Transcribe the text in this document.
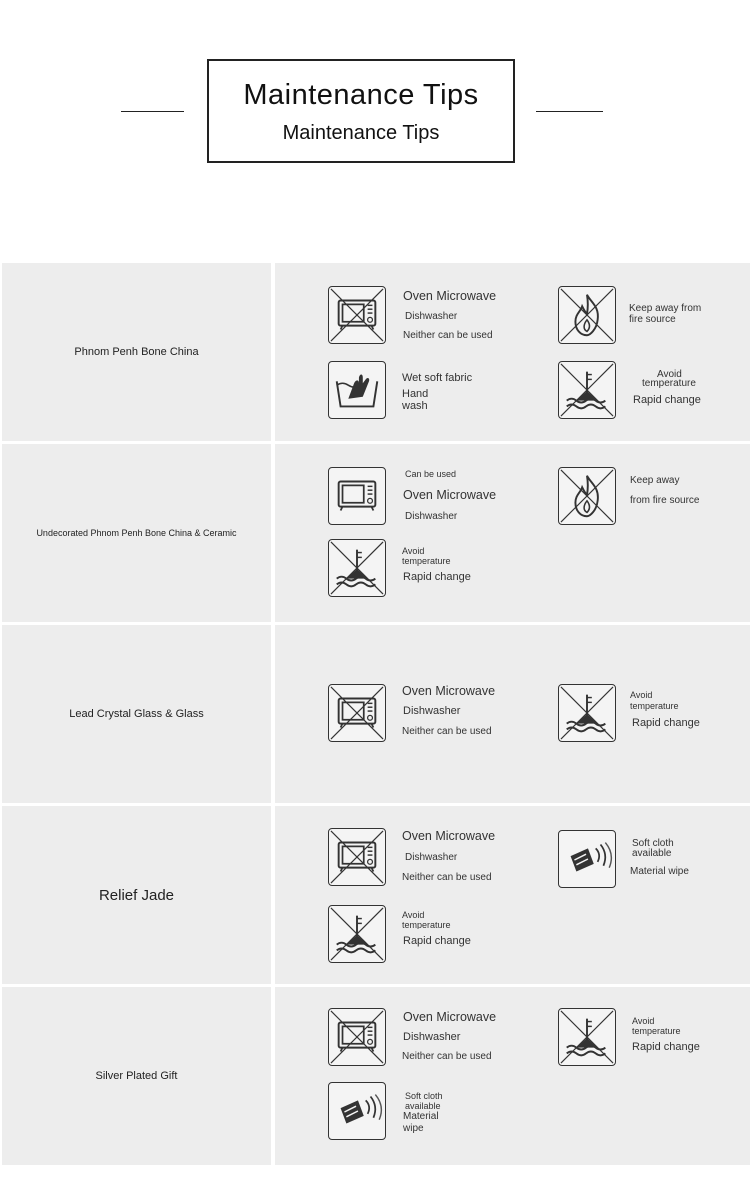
Maintenance Tips
Maintenance Tips
Phnom Penh Bone China
Oven Microwave
Dishwasher
Neither can be used
Keep away from
fire source
Wet soft fabric
Hand
wash
Avoid
temperature
Rapid change
Undecorated Phnom Penh Bone China & Ceramic
Can be used
Oven Microwave
Dishwasher
Keep away
from fire source
Avoid
temperature
Rapid change
Lead Crystal Glass & Glass
Oven Microwave
Dishwasher
Neither can be used
Avoid
temperature
Rapid change
Relief Jade
Oven Microwave
Dishwasher
Neither can be used
Soft cloth
available
Material wipe
Avoid
temperature
Rapid change
Silver Plated Gift
Oven Microwave
Dishwasher
Neither can be used
Avoid
temperature
Rapid change
Soft cloth
available
Material
wipe
